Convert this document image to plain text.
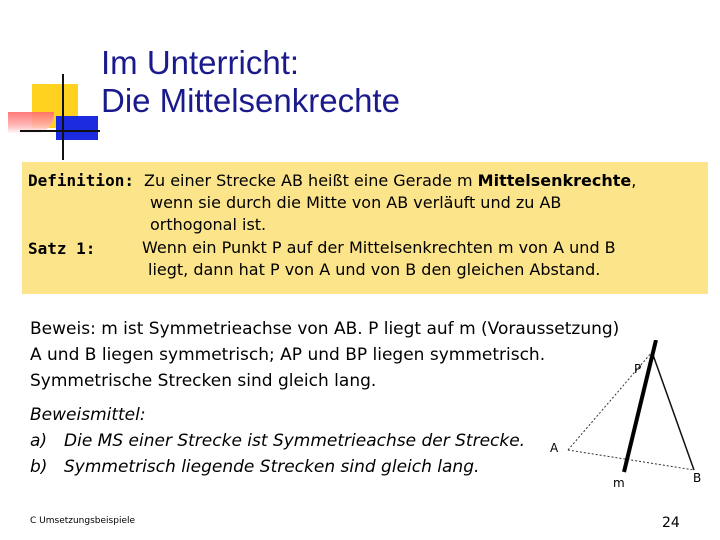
Im Unterricht:
Die Mittelsenkrechte
Definition: Zu einer Strecke AB heißt eine Gerade m Mittelsenkrechte,
wenn sie durch die Mitte von AB verläuft und zu AB
orthogonal ist.
Satz 1:	Wenn ein Punkt P auf der Mittelsenkrechten m von A und B
liegt, dann hat P von A und von B den gleichen Abstand.
Beweis: m ist Symmetrieachse von AB. P liegt auf m (Voraussetzung)
A und B liegen symmetrisch; AP und BP liegen symmetrisch.
Symmetrische Strecken sind gleich lang.
Beweismittel:
a) Die MS einer Strecke ist Symmetrieachse der Strecke.
b) Symmetrisch liegende Strecken sind gleich lang.
P
A
B
m
C Umsetzungsbeispiele	24
